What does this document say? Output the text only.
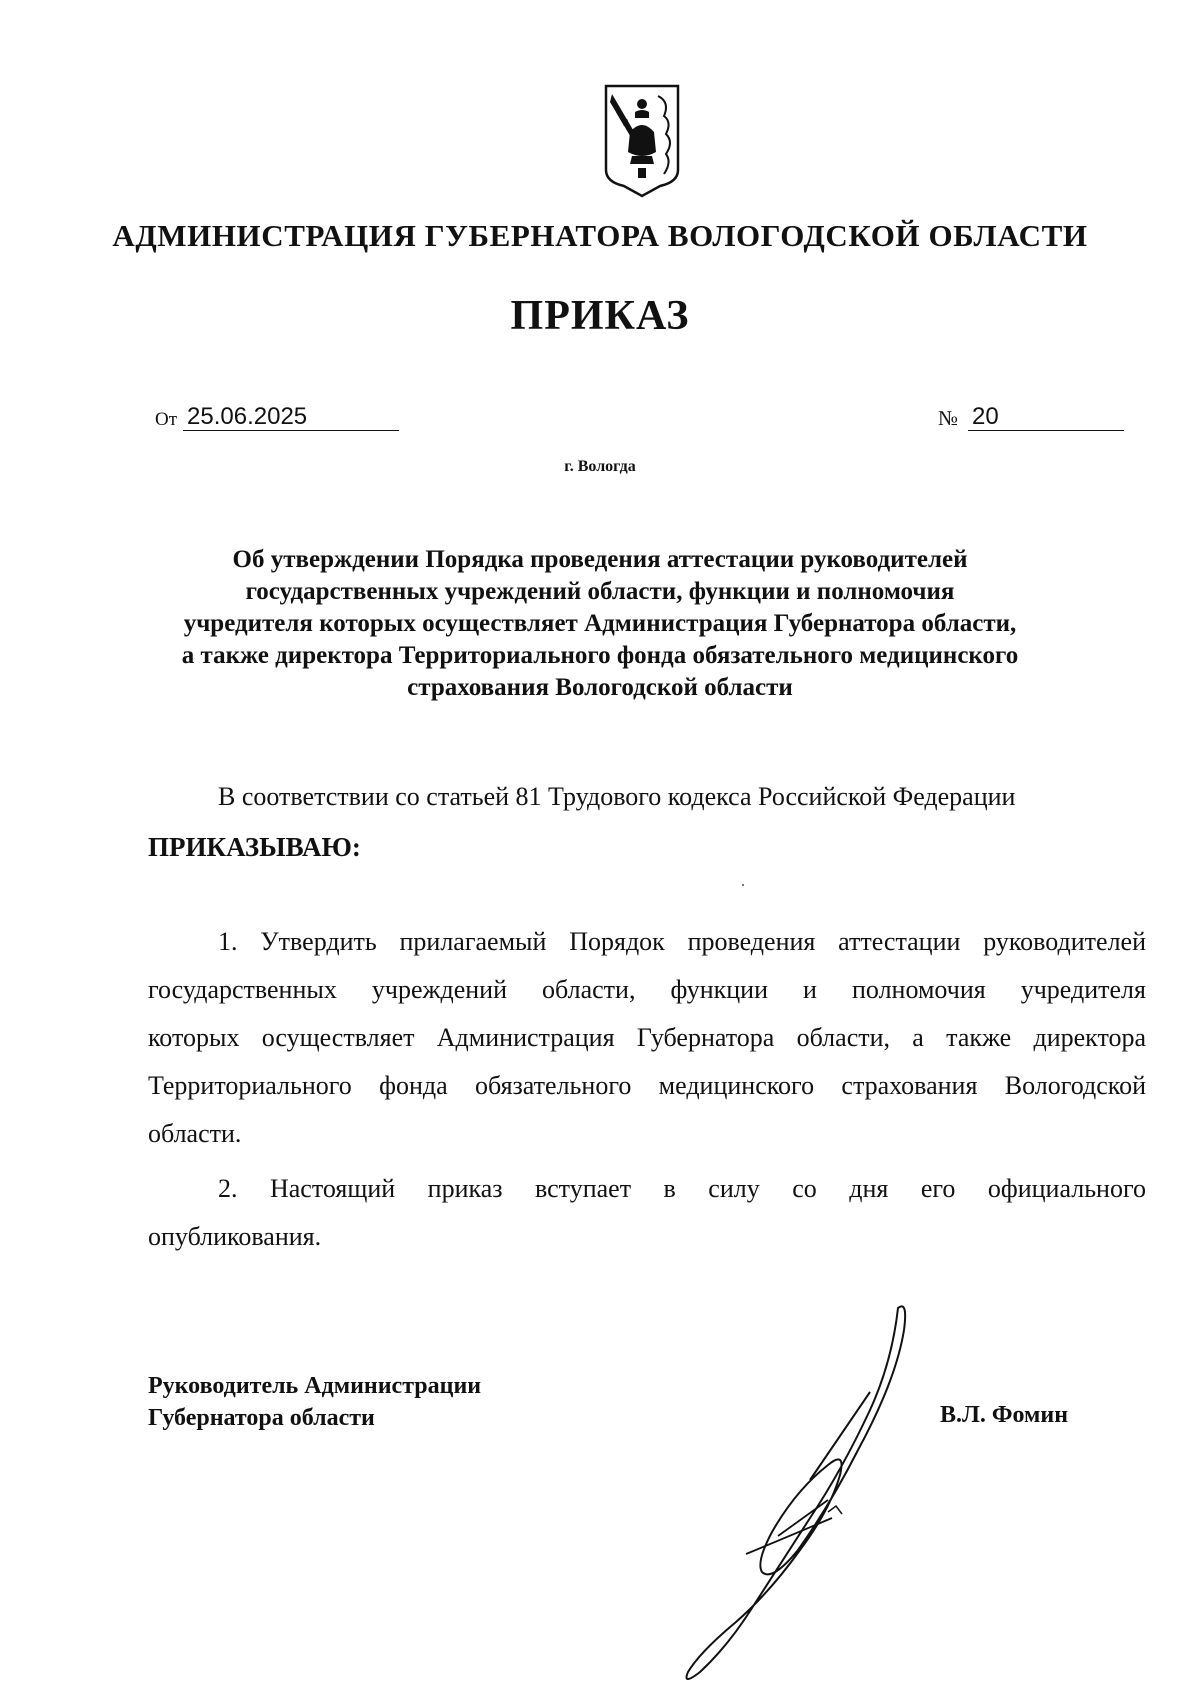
АДМИНИСТРАЦИЯ ГУБЕРНАТОРА ВОЛОГОДСКОЙ ОБЛАСТИ
ПРИКАЗ
От 25.06.2025	№ 20
г. Вологда
Об утверждении Порядка проведения аттестации руководителей
государственных учреждений области, функции и полномочия
учредителя которых осуществляет Администрация Губернатора области,
а также директора Территориального фонда обязательного медицинского
страхования Вологодской области
В соответствии со статьей 81 Трудового кодекса Российской Федерации
ПРИКАЗЫВАЮ:
1. Утвердить прилагаемый Порядок проведения аттестации руководителей
государственных учреждений области, функции и полномочия учредителя
которых осуществляет Администрация Губернатора области, а также директора
Территориального фонда обязательного медицинского страхования Вологодской
области.
2. Настоящий приказ вступает в силу со дня его официального
опубликования.
Руководитель Администрации
Губернатора области	В.Л. Фомин
